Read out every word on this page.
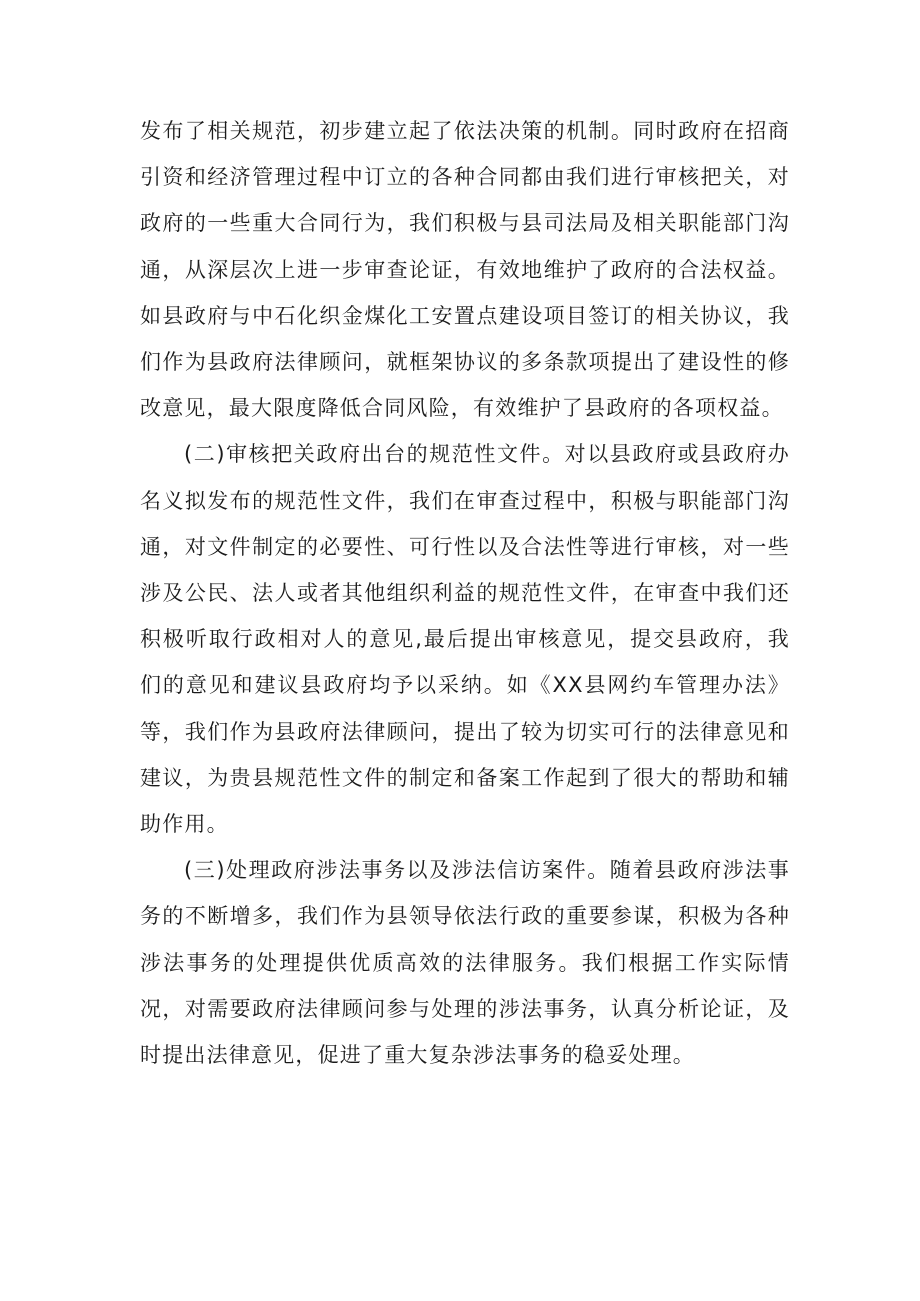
发布了相关规范，初步建立起了依法决策的机制。同时政府在招商引资和经济管理过程中订立的各种合同都由我们进行审核把关，对政府的一些重大合同行为，我们积极与县司法局及相关职能部门沟通，从深层次上进一步审查论证，有效地维护了政府的合法权益。如县政府与中石化织金煤化工安置点建设项目签订的相关协议，我们作为县政府法律顾问，就框架协议的多条款项提出了建设性的修改意见，最大限度降低合同风险，有效维护了县政府的各项权益。

(二)审核把关政府出台的规范性文件。对以县政府或县政府办名义拟发布的规范性文件，我们在审查过程中，积极与职能部门沟通，对文件制定的必要性、可行性以及合法性等进行审核，对一些涉及公民、法人或者其他组织利益的规范性文件，在审查中我们还积极听取行政相对人的意见,最后提出审核意见，提交县政府，我们的意见和建议县政府均予以采纳。如《XX县网约车管理办法》等，我们作为县政府法律顾问，提出了较为切实可行的法律意见和建议，为贵县规范性文件的制定和备案工作起到了很大的帮助和辅助作用。

(三)处理政府涉法事务以及涉法信访案件。随着县政府涉法事务的不断增多，我们作为县领导依法行政的重要参谋，积极为各种涉法事务的处理提供优质高效的法律服务。我们根据工作实际情况，对需要政府法律顾问参与处理的涉法事务，认真分析论证，及时提出法律意见，促进了重大复杂涉法事务的稳妥处理。
